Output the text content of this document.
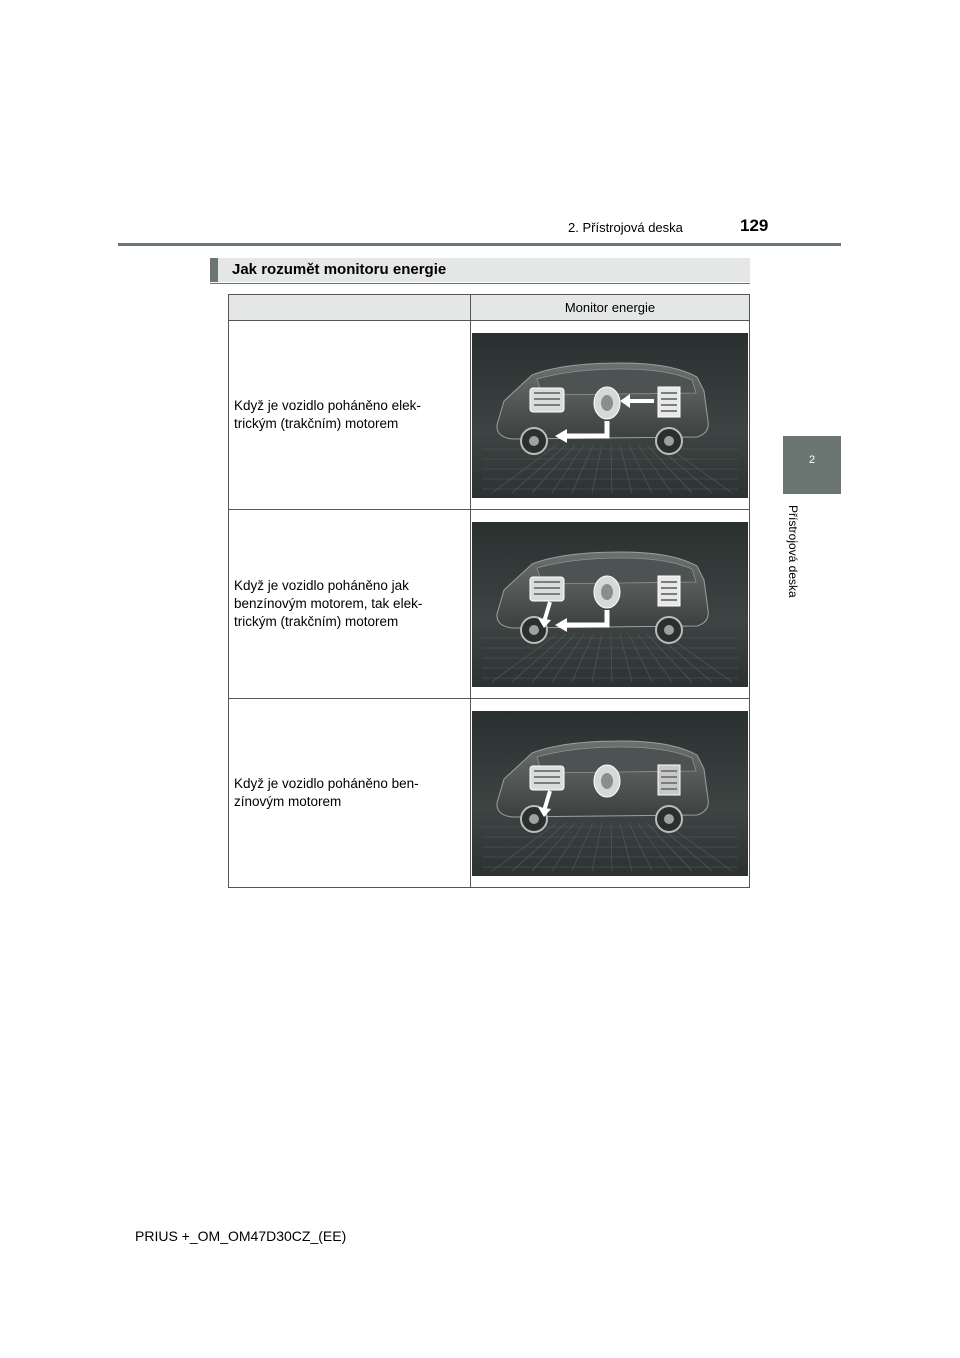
2. Přístrojová deska	129
2
Přístrojová deska
Jak rozumět monitoru energie
	Monitor energie
Když je vozidlo poháněno elek-
trickým (trakčním) motorem	

Když je vozidlo poháněno jak
benzínovým motorem, tak elek-
trickým (trakčním) motorem	

Když je vozidlo poháněno ben-
zínovým motorem	
PRIUS +_OM_OM47D30CZ_(EE)
